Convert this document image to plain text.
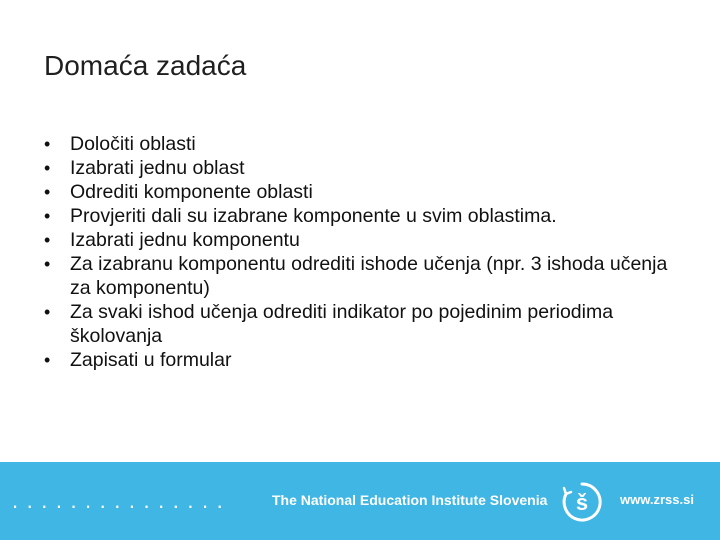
Domaća zadaća
•	Določiti oblasti
•	Izabrati jednu oblast
•	Odrediti komponente oblasti
•	Provjeriti dali su izabrane komponente u svim oblastima.
•	Izabrati jednu komponentu
•	Za izabranu komponentu odrediti ishode učenja (npr. 3 ishoda učenja za komponentu)
•	Za svaki ishod učenja odrediti indikator po pojedinim periodima školovanja
•	Zapisati u formular
...............	The National Education Institute Slovenia š www.zrss.si
